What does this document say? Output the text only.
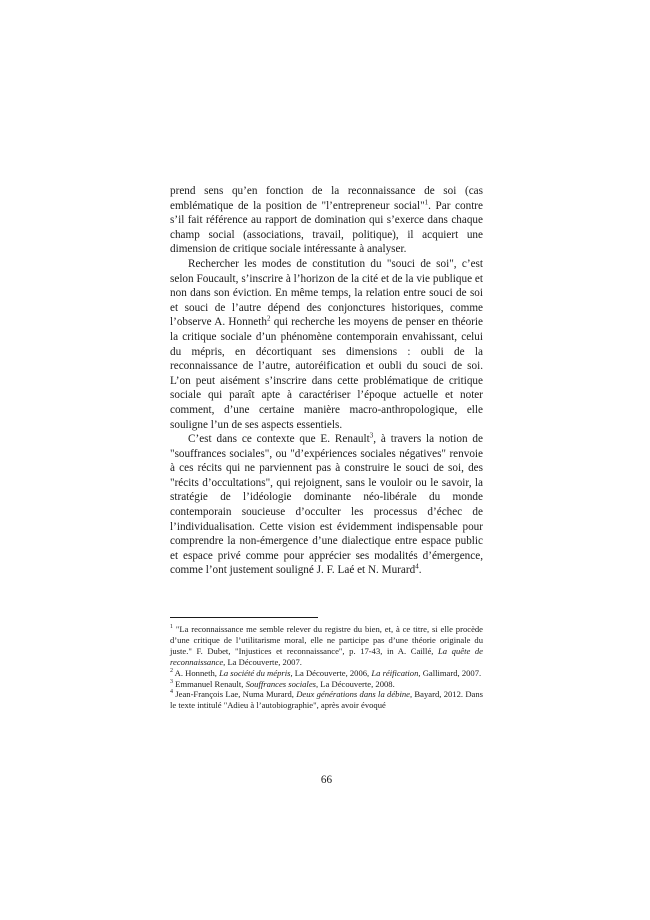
prend sens qu’en fonction de la reconnaissance de soi (cas emblématique de la position de "l’entrepreneur social"$^1$. Par contre s’il fait référence au rapport de domination qui s’exerce dans chaque champ social (associations, travail, politique), il acquiert une dimension de critique sociale intéressante à analyser.

Rechercher les modes de constitution du "souci de soi", c’est selon Foucault, s’inscrire à l’horizon de la cité et de la vie publique et non dans son éviction. En même temps, la relation entre souci de soi et souci de l’autre dépend des conjonctures historiques, comme l’observe A. Honneth$^2$ qui recherche les moyens de penser en théorie la critique sociale d’un phénomène contemporain envahissant, celui du mépris, en décortiquant ses dimensions : oubli de la reconnaissance de l’autre, autoréification et oubli du souci de soi. L’on peut aisément s’inscrire dans cette problématique de critique sociale qui paraît apte à caractériser l’époque actuelle et noter comment, d’une certaine manière macro-anthropologique, elle souligne l’un de ses aspects essentiels.

C’est dans ce contexte que E. Renault$^3$, à travers la notion de "souffrances sociales", ou "d’expériences sociales négatives" renvoie à ces récits qui ne parviennent pas à construire le souci de soi, des "récits d’occultations", qui rejoignent, sans le vouloir ou le savoir, la stratégie de l’idéologie dominante néo-libérale du monde contemporain soucieuse d’occulter les processus d’échec de l’individualisation. Cette vision est évidemment indispensable pour comprendre la non-émergence d’une dialectique entre espace public et espace privé comme pour apprécier ses modalités d’émergence, comme l’ont justement souligné J. F. Laé et N. Murard$^4$.

$^1$ "La reconnaissance me semble relever du registre du bien, et, à ce titre, si elle procède d’une critique de l’utilitarisme moral, elle ne participe pas d’une théorie originale du juste." F. Dubet, "Injustices et reconnaissance", p. 17-43, in A. Caillé, La quête de reconnaissance, La Découverte, 2007.

$^2$ A. Honneth, La société du mépris, La Découverte, 2006, La réification, Gallimard, 2007.

$^3$ Emmanuel Renault, Souffrances sociales, La Découverte, 2008.

$^4$ Jean-François Lae, Numa Murard, Deux générations dans la débine, Bayard, 2012. Dans le texte intitulé "Adieu à l’autobiographie", après avoir évoqué

66
